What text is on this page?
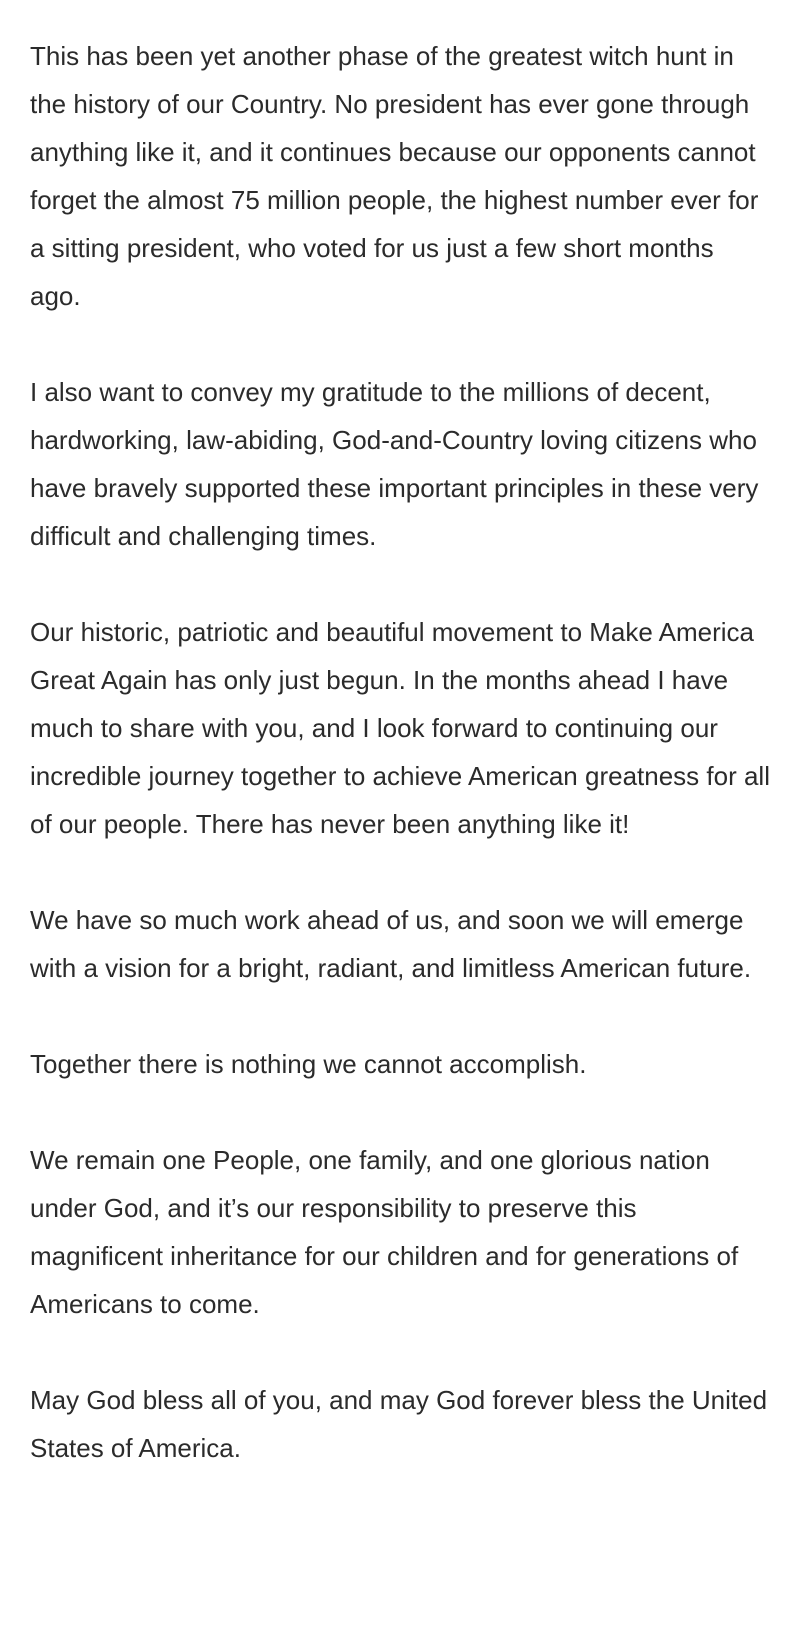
This has been yet another phase of the greatest witch hunt in the history of our Country. No president has ever gone through anything like it, and it continues because our opponents cannot forget the almost 75 million people, the highest number ever for a sitting president, who voted for us just a few short months ago.

I also want to convey my gratitude to the millions of decent, hardworking, law-abiding, God-and-Country loving citizens who have bravely supported these important principles in these very difficult and challenging times.

Our historic, patriotic and beautiful movement to Make America Great Again has only just begun. In the months ahead I have much to share with you, and I look forward to continuing our incredible journey together to achieve American greatness for all of our people. There has never been anything like it!

We have so much work ahead of us, and soon we will emerge with a vision for a bright, radiant, and limitless American future.

Together there is nothing we cannot accomplish.

We remain one People, one family, and one glorious nation under God, and it’s our responsibility to preserve this magnificent inheritance for our children and for generations of Americans to come.

May God bless all of you, and may God forever bless the United States of America.
